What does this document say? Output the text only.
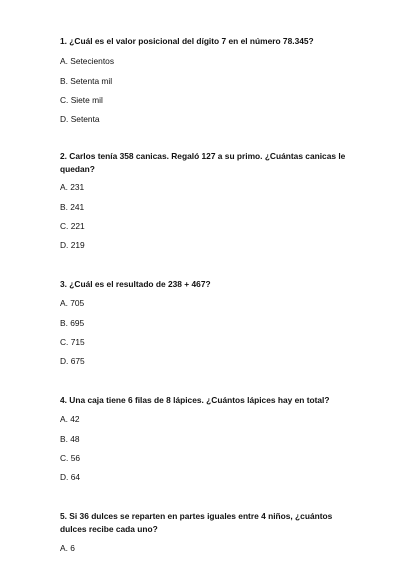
1. ¿Cuál es el valor posicional del dígito 7 en el número 78.345?

A. Setecientos

B. Setenta mil

C. Siete mil

D. Setenta

2. Carlos tenía 358 canicas. Regaló 127 a su primo. ¿Cuántas canicas le quedan?

A. 231

B. 241

C. 221

D. 219

3. ¿Cuál es el resultado de 238 + 467?

A. 705

B. 695

C. 715

D. 675

4. Una caja tiene 6 filas de 8 lápices. ¿Cuántos lápices hay en total?

A. 42

B. 48

C. 56

D. 64

5. Si 36 dulces se reparten en partes iguales entre 4 niños, ¿cuántos dulces recibe cada uno?

A. 6
